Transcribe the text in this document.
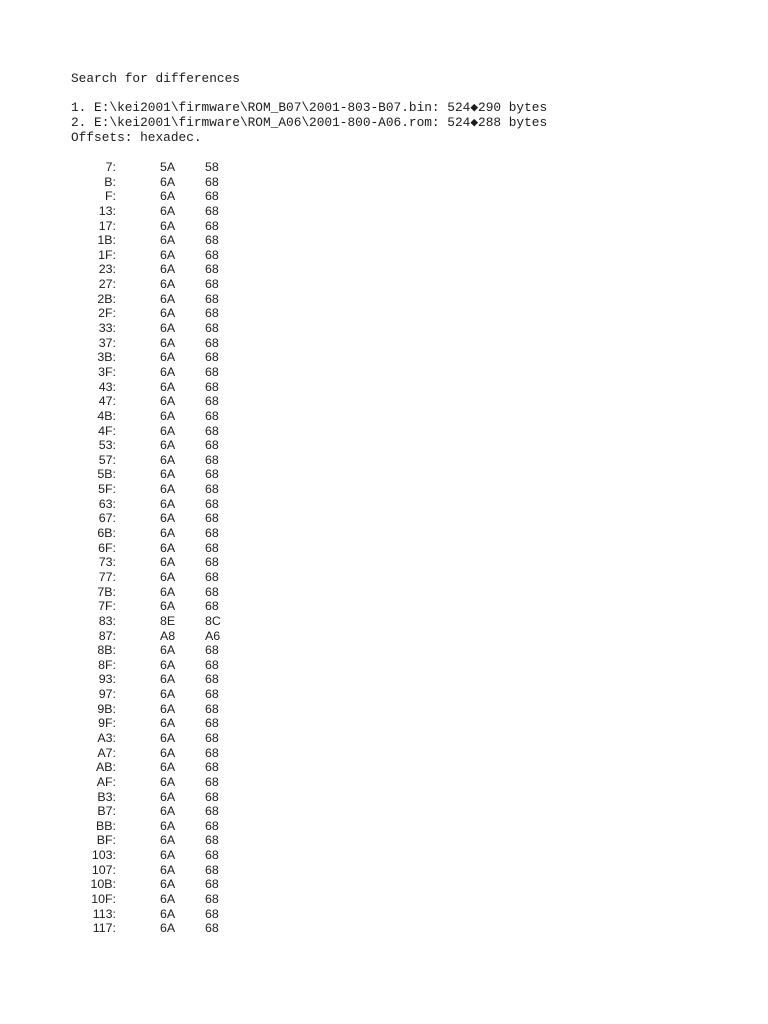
Search for differences
1. E:\kei2001\firmware\ROM_B07\2001-803-B07.bin: 524◆290 bytes
2. E:\kei2001\firmware\ROM_A06\2001-800-A06.rom: 524◆288 bytes
Offsets: hexadec.
7:	5A 58
B:	6A 68
F:	6A 68
13:	6A 68
17:	6A 68
1B:	6A 68
1F:	6A 68
23:	6A 68
27:	6A 68
2B:	6A 68
2F:	6A 68
33:	6A 68
37:	6A 68
3B:	6A 68
3F:	6A 68
43:	6A 68
47:	6A 68
4B:	6A 68
4F:	6A 68
53:	6A 68
57:	6A 68
5B:	6A 68
5F:	6A 68
63:	6A 68
67:	6A 68
6B:	6A 68
6F:	6A 68
73:	6A 68
77:	6A 68
7B:	6A 68
7F:	6A 68
83:	8E 8C
87:	A8 A6
8B:	6A 68
8F:	6A 68
93:	6A 68
97:	6A 68
9B:	6A 68
9F:	6A 68
A3:	6A 68
A7:	6A 68
AB:	6A 68
AF:	6A 68
B3:	6A 68
B7:	6A 68
BB:	6A 68
BF:	6A 68
103:	6A 68
107:	6A 68
10B:	6A 68
10F:	6A 68
113:	6A 68
117:	6A 68
